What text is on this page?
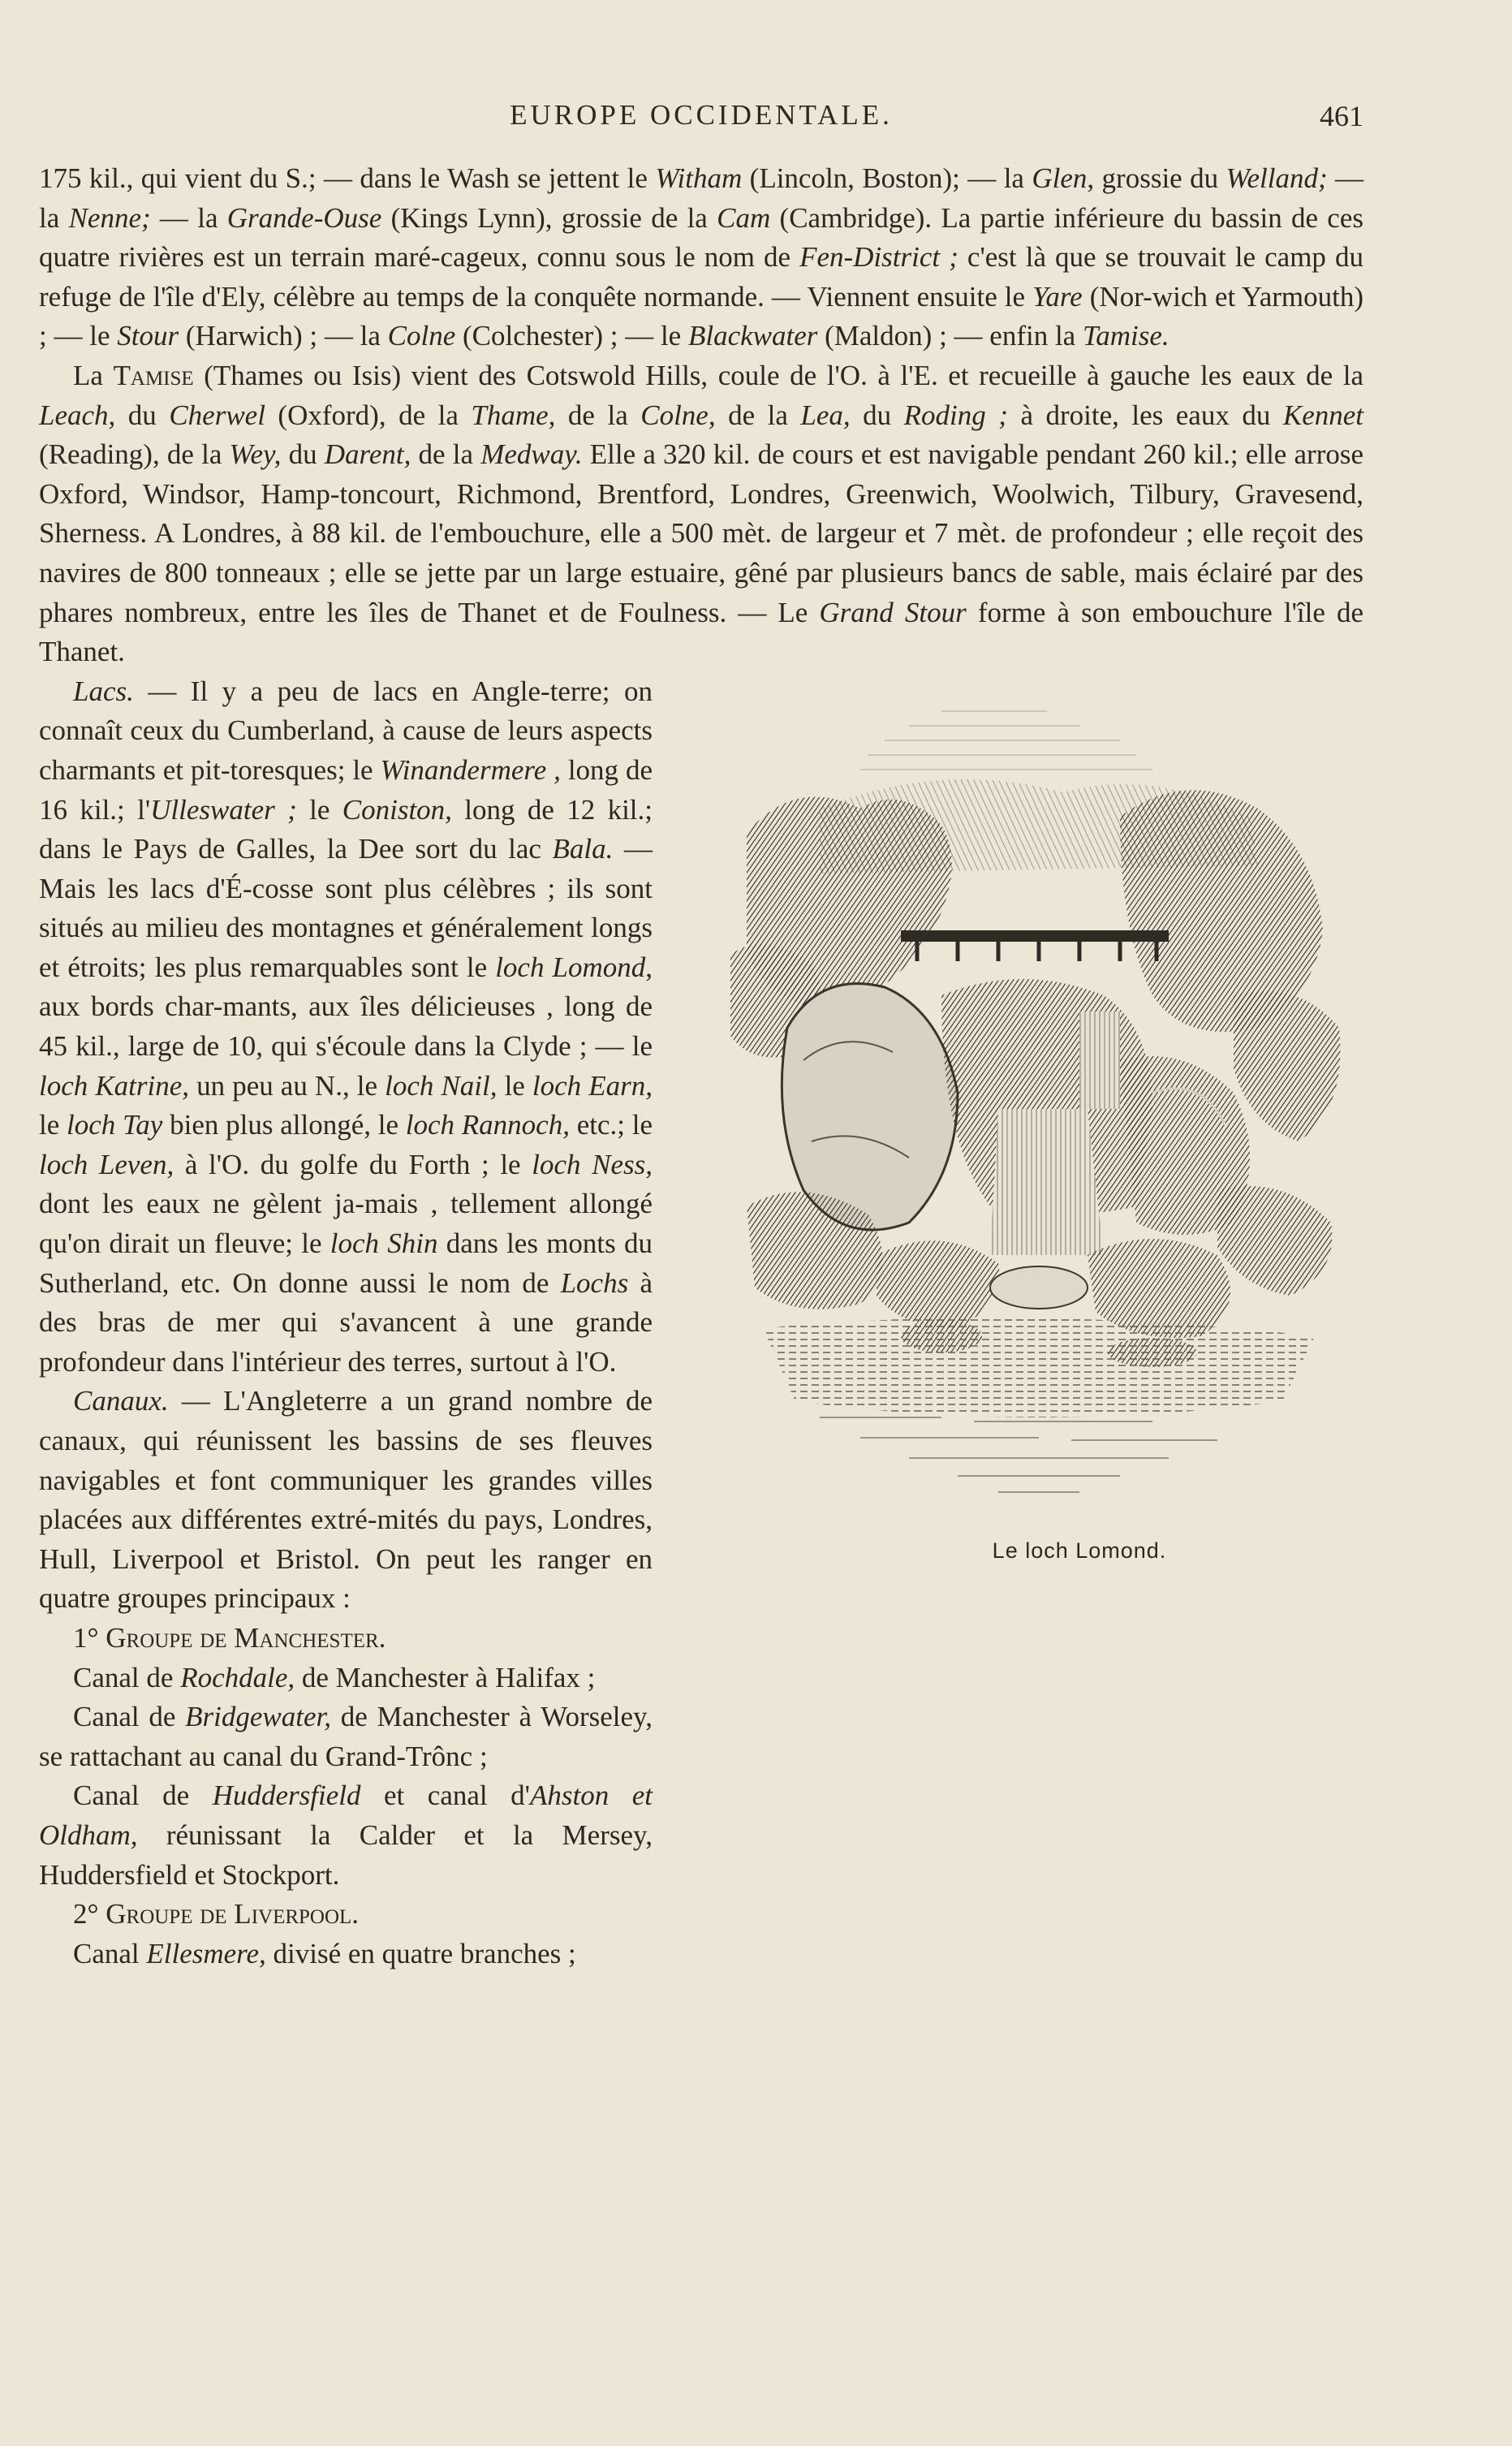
EUROPE OCCIDENTALE.	461

175 kil., qui vient du S.; — dans le Wash se jettent le Witham (Lincoln, Boston); — la Glen, grossie du Welland; — la Nenne; — la Grande-Ouse (Kings Lynn), grossie de la Cam (Cambridge). La partie inférieure du bassin de ces quatre rivières est un terrain maré-cageux, connu sous le nom de Fen-District ; c'est là que se trouvait le camp du refuge de l'île d'Ely, célèbre au temps de la conquête normande. — Viennent ensuite le Yare (Nor-wich et Yarmouth) ; — le Stour (Harwich) ; — la Colne (Colchester) ; — le Blackwater (Maldon) ; — enfin la Tamise.

La Tamise (Thames ou Isis) vient des Cotswold Hills, coule de l'O. à l'E. et recueille à gauche les eaux de la Leach, du Cherwel (Oxford), de la Thame, de la Colne, de la Lea, du Roding ; à droite, les eaux du Kennet (Reading), de la Wey, du Darent, de la Medway. Elle a 320 kil. de cours et est navigable pendant 260 kil.; elle arrose Oxford, Windsor, Hamp-toncourt, Richmond, Brentford, Londres, Greenwich, Woolwich, Tilbury, Gravesend, Sherness. A Londres, à 88 kil. de l'embouchure, elle a 500 mèt. de largeur et 7 mèt. de profondeur ; elle reçoit des navires de 800 tonneaux ; elle se jette par un large estuaire, gêné par plusieurs bancs de sable, mais éclairé par des phares nombreux, entre les îles de Thanet et de Foulness. — Le Grand Stour forme à son embouchure l'île de Thanet.

Le loch Lomond.

Lacs. — Il y a peu de lacs en Angle-terre; on connaît ceux du Cumberland, à cause de leurs aspects charmants et pit-toresques; le Winandermere , long de 16 kil.; l'Ulleswater ; le Coniston, long de 12 kil.; dans le Pays de Galles, la Dee sort du lac Bala. — Mais les lacs d'É-cosse sont plus célèbres ; ils sont situés au milieu des montagnes et généralement longs et étroits; les plus remarquables sont le loch Lomond, aux bords char-mants, aux îles délicieuses , long de 45 kil., large de 10, qui s'écoule dans la Clyde ; — le loch Katrine, un peu au N., le loch Nail, le loch Earn, le loch Tay bien plus allongé, le loch Rannoch, etc.; le loch Leven, à l'O. du golfe du Forth ; le loch Ness, dont les eaux ne gèlent ja-mais , tellement allongé qu'on dirait un fleuve; le loch Shin dans les monts du Sutherland, etc. On donne aussi le nom de Lochs à des bras de mer qui s'avancent à une grande profondeur dans l'intérieur des terres, surtout à l'O.

Canaux. — L'Angleterre a un grand nombre de canaux, qui réunissent les bassins de ses fleuves navigables et font communiquer les grandes villes placées aux différentes extré-mités du pays, Londres, Hull, Liverpool et Bristol. On peut les ranger en quatre groupes principaux :

1° Groupe de Manchester.

Canal de Rochdale, de Manchester à Halifax ;

Canal de Bridgewater, de Manchester à Worseley, se rattachant au canal du Grand-Trônc ;

Canal de Huddersfield et canal d'Ahston et Oldham, réunissant la Calder et la Mersey, Huddersfield et Stockport.

2° Groupe de Liverpool.

Canal Ellesmere, divisé en quatre branches ;
